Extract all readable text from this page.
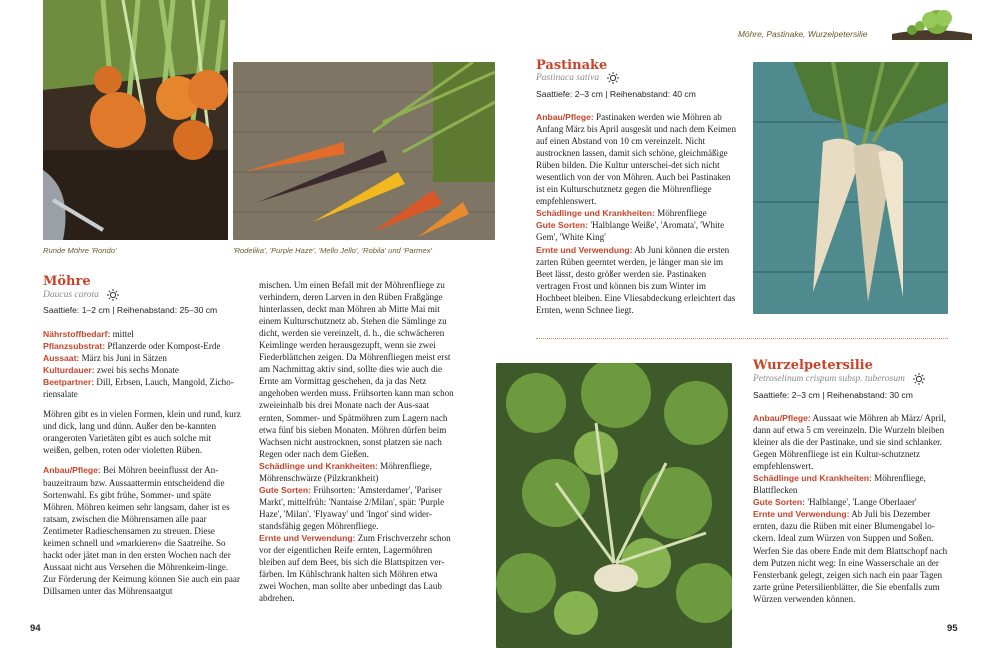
Möhre, Pastinake, Wurzelpetersilie
Runde Möhre 'Rondo'	'Rodelika', 'Purple Haze', 'Mello Jello', 'Robila' und 'Parmex'
Möhre
Daucus carota
Saattiefe: 1–2 cm | Reihenabstand: 25–30 cm

Nährstoffbedarf: mittel

Pflanzsubstrat: Pflanzerde oder Kompost-Erde

Aussaat: März bis Juni in Sätzen

Kulturdauer: zwei bis sechs Monate

Beetpartner: Dill, Erbsen, Lauch, Mangold, Zicho-riensalate

Möhren gibt es in vielen Formen, klein und rund, kurz und dick, lang und dünn. Außer den be-kannten orangeroten Varietäten gibt es auch solche mit weißen, gelben, roten oder violetten Rüben.

Anbau/Pflege: Bei Möhren beeinflusst der An-bauzeitraum bzw. Aussaattermin entscheidend die Sortenwahl. Es gibt frühe, Sommer- und späte Möhren. Möhren keimen sehr langsam, daher ist es ratsam, zwischen die Möhrensamen alle paar Zentimeter Radieschensamen zu streuen. Diese keimen schnell und »markieren« die Saatreihe. So hackt oder jätet man in den ersten Wochen nach der Aussaat nicht aus Versehen die Möhrenkeim-linge. Zur Förderung der Keimung können Sie auch ein paar Dillsamen unter das Möhrensaatgut

mischen. Um einen Befall mit der Möhrenfliege zu verhindern, deren Larven in den Rüben Fraßgänge hinterlassen, deckt man Möhren ab Mitte Mai mit einem Kulturschutznetz ab. Stehen die Sämlinge zu dicht, werden sie vereinzelt, d. h., die schwächeren Keimlinge werden herausgezupft, wenn sie zwei Fiederblättchen zeigen. Da Möhrenfliegen meist erst am Nachmittag aktiv sind, sollte dies wie auch die Ernte am Vormittag geschehen, da ja das Netz angehoben werden muss. Frühsorten kann man schon zweieinhalb bis drei Monate nach der Aus-saat ernten, Sommer- und Spätmöhren zum Lagern nach etwa fünf bis sieben Monaten. Möhren dürfen beim Wachsen nicht austrocknen, sonst platzen sie nach Regen oder nach dem Gießen.

Schädlinge und Krankheiten: Möhrenfliege, Möhrenschwärze (Pilzkrankheit)

Gute Sorten: Frühsorten: 'Amsterdamer', 'Pariser Markt', mittelfrüh: 'Nantaise 2/Milan', spät: 'Purple Haze', 'Milan'. 'Flyaway' und 'Ingot' sind wider-standsfähig gegen Möhrenfliege.

Ernte und Verwendung: Zum Frischverzehr schon vor der eigentlichen Reife ernten, Lagermöhren bleiben auf dem Beet, bis sich die Blattspitzen ver-färben. Im Kühlschrank halten sich Möhren etwa zwei Wochen, man sollte aber unbedingt das Laub abdrehen.

Pastinake
Pastinaca sativa
Saattiefe: 2–3 cm | Reihenabstand: 40 cm

Anbau/Pflege: Pastinaken werden wie Möhren ab Anfang März bis April ausgesät und nach dem Keimen auf einen Abstand von 10 cm vereinzelt. Nicht austrocknen lassen, damit sich schöne, gleichmäßige Rüben bilden. Die Kultur unterschei-det sich nicht wesentlich von der von Möhren. Auch bei Pastinaken ist ein Kulturschutznetz gegen die Möhrenfliege empfehlenswert.

Schädlinge und Krankheiten: Möhrenfliege

Gute Sorten: 'Halblange Weiße', 'Aromata', 'White Gem', 'White King'

Ernte und Verwendung: Ab Juni können die ersten zarten Rüben geerntet werden, je länger man sie im Beet lässt, desto größer werden sie. Pastinaken vertragen Frost und können bis zum Winter im Hochbeet bleiben. Eine Vliesabdeckung erleichtert das Ernten, wenn Schnee liegt.

Wurzelpetersilie
Petroselinum crispum subsp. tuberosum
Saattiefe: 2–3 cm | Reihenabstand: 30 cm

Anbau/Pflege: Aussaat wie Möhren ab März/ April, dann auf etwa 5 cm vereinzeln. Die Wurzeln bleiben kleiner als die der Pastinake, und sie sind schlanker. Gegen Möhrenfliege ist ein Kultur-schutznetz empfehlenswert.

Schädlinge und Krankheiten: Möhrenfliege, Blattflecken

Gute Sorten: 'Halblange', 'Lange Oberlaaer'

Ernte und Verwendung: Ab Juli bis Dezember ernten, dazu die Rüben mit einer Blumengabel lo-ckern. Ideal zum Würzen von Suppen und Soßen. Werfen Sie das obere Ende mit dem Blattschopf nach dem Putzen nicht weg: In eine Wasserschale an der Fensterbank gelegt, zeigen sich nach ein paar Tagen zarte grüne Petersilienblätter, die Sie ebenfalls zum Würzen verwenden können.

94	95
